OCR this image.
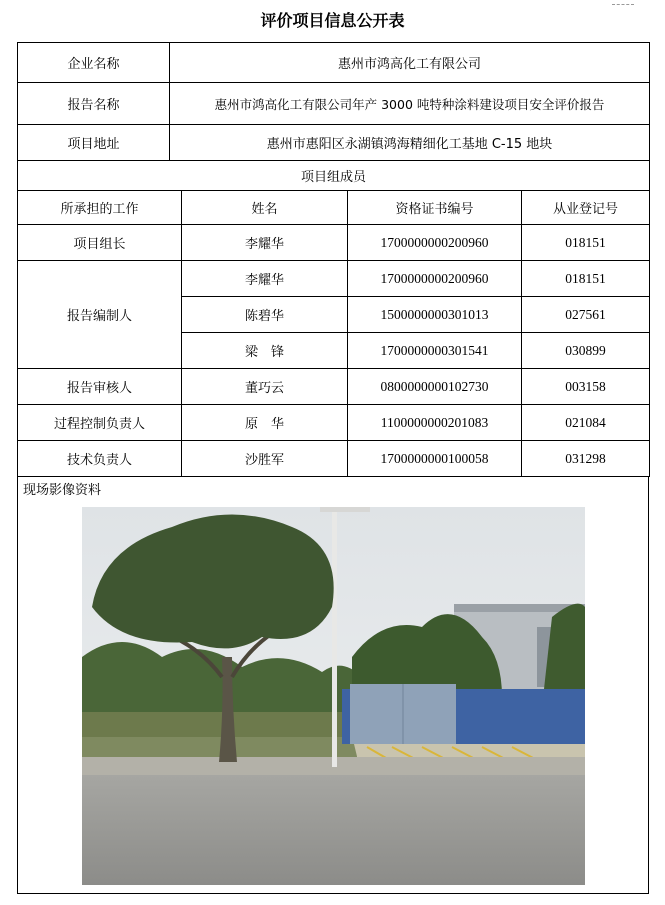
评价项目信息公开表
企业名称	惠州市鸿高化工有限公司
报告名称	惠州市鸿高化工有限公司年产 3000 吨特种涂料建设项目安全评价报告
项目地址	惠州市惠阳区永湖镇鸿海精细化工基地 C-15 地块
项目组成员	
所承担的工作	姓名	资格证书编号	从业登记号
项目组长	李耀华	1700000000200960	018151
报告编制人	李耀华	1700000000200960	018151
	陈碧华	1500000000301013	027561
	梁　锋	1700000000301541	030899
报告审核人	董巧云	0800000000102730	003158
过程控制负责人	原　华	1100000000201083	021084
技术负责人	沙胜军	1700000000100058	031298
现场影像资料
